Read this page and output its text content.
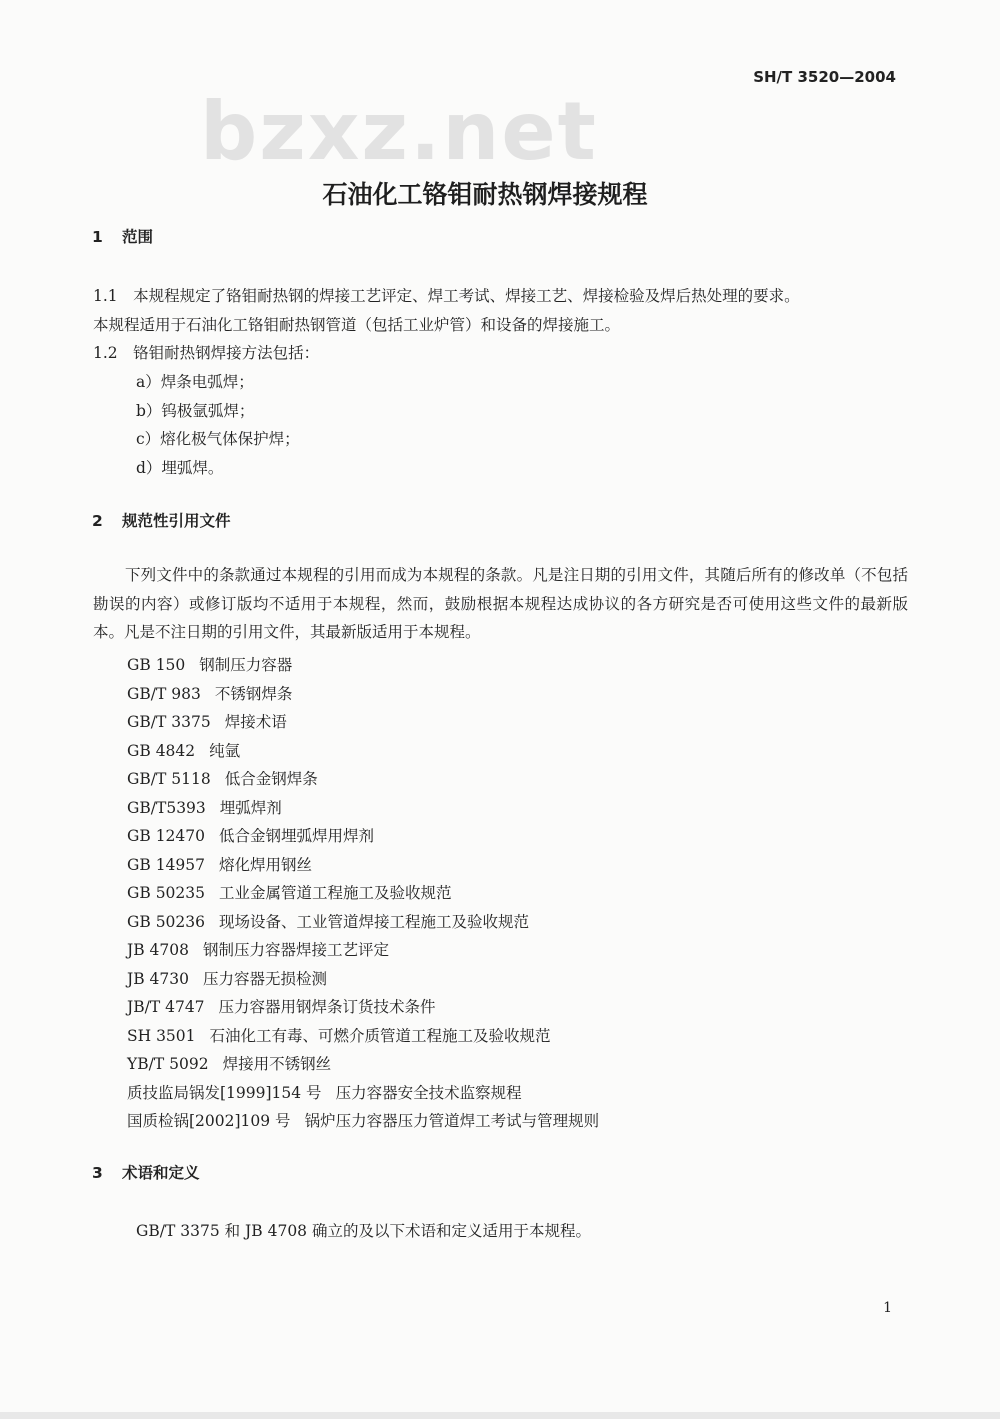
SH/T 3520—2004
bzxz.net
石油化工铬钼耐热钢焊接规程
1 范围
1.1　本规程规定了铬钼耐热钢的焊接工艺评定、焊工考试、焊接工艺、焊接检验及焊后热处理的要求。
本规程适用于石油化工铬钼耐热钢管道（包括工业炉管）和设备的焊接施工。
1.2　铬钼耐热钢焊接方法包括：
a）焊条电弧焊；
b）钨极氩弧焊；
c）熔化极气体保护焊；
d）埋弧焊。
2 规范性引用文件
下列文件中的条款通过本规程的引用而成为本规程的条款。凡是注日期的引用文件，其随后所有的修改单（不包括勘误的内容）或修订版均不适用于本规程，然而，鼓励根据本规程达成协议的各方研究是否可使用这些文件的最新版本。凡是不注日期的引用文件，其最新版适用于本规程。
GB 150 钢制压力容器
GB/T 983 不锈钢焊条
GB/T 3375 焊接术语
GB 4842 纯氩
GB/T 5118 低合金钢焊条
GB/T5393 埋弧焊剂
GB 12470 低合金钢埋弧焊用焊剂
GB 14957 熔化焊用钢丝
GB 50235 工业金属管道工程施工及验收规范
GB 50236 现场设备、工业管道焊接工程施工及验收规范
JB 4708 钢制压力容器焊接工艺评定
JB 4730 压力容器无损检测
JB/T 4747 压力容器用钢焊条订货技术条件
SH 3501 石油化工有毒、可燃介质管道工程施工及验收规范
YB/T 5092 焊接用不锈钢丝
质技监局锅发[1999]154 号 压力容器安全技术监察规程
国质检锅[2002]109 号 锅炉压力容器压力管道焊工考试与管理规则
3 术语和定义
GB/T 3375 和 JB 4708 确立的及以下术语和定义适用于本规程。
1
